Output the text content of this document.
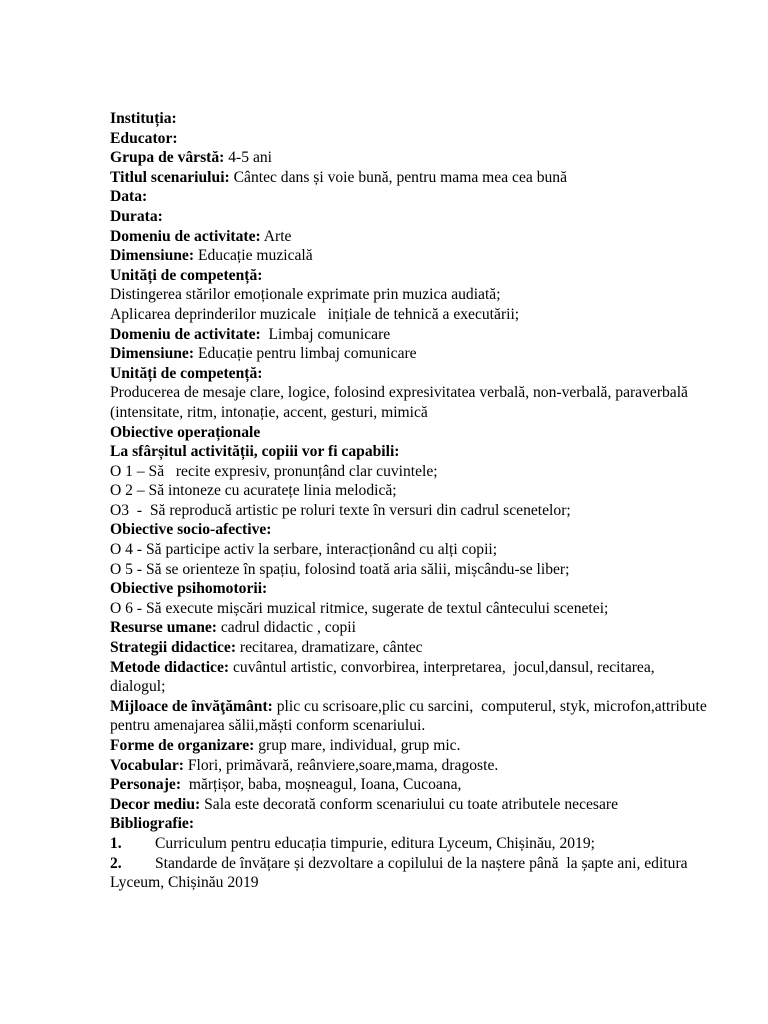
Instituția:
Educator:
Grupa de vârstă: 4-5 ani
Titlul scenariului: Cântec dans și voie bună, pentru mama mea cea bună
Data:
Durata:
Domeniu de activitate: Arte
Dimensiune: Educație muzicală
Unități de competență:
Distingerea stărilor emoționale exprimate prin muzica audiată;
Aplicarea deprinderilor muzicale   inițiale de tehnică a executării;
Domeniu de activitate:  Limbaj comunicare
Dimensiune: Educație pentru limbaj comunicare
Unități de competență:
Producerea de mesaje clare, logice, folosind expresivitatea verbală, non-verbală, paraverbală (intensitate, ritm, intonație, accent, gesturi, mimică
Obiective operaționale
La sfârșitul activității, copiii vor fi capabili:
O 1 – Să   recite expresiv, pronunțând clar cuvintele;
O 2 – Să intoneze cu acuratețe linia melodică;
O3  -  Să reproducă artistic pe roluri texte în versuri din cadrul scenetelor;
Obiective socio-afective:
O 4 - Să participe activ la serbare, interacționând cu alți copii;
O 5 - Să se orienteze în spațiu, folosind toată aria sălii, mișcându-se liber;
Obiective psihomotorii:
O 6 - Să execute mișcări muzical ritmice, sugerate de textul cântecului scenetei;
Resurse umane: cadrul didactic , copii
Strategii didactice: recitarea, dramatizare, cântec
Metode didactice: cuvântul artistic, convorbirea, interpretarea,  jocul,dansul, recitarea, dialogul;
Mijloace de învăţământ: plic cu scrisoare,plic cu sarcini,  computerul, styk, microfon,attribute pentru amenajarea sălii,măști conform scenariului.
Forme de organizare: grup mare, individual, grup mic.
Vocabular: Flori, primăvară, reânviere,soare,mama, dragoste.
Personaje:  mărțișor, baba, moșneagul, Ioana, Cucoana,
Decor mediu: Sala este decorată conform scenariului cu toate atributele necesare
Bibliografie:
1. Curriculum pentru educația timpurie, editura Lyceum, Chișinău, 2019;
2. Standarde de învățare și dezvoltare a copilului de la naștere până  la șapte ani, editura Lyceum, Chișinău 2019
